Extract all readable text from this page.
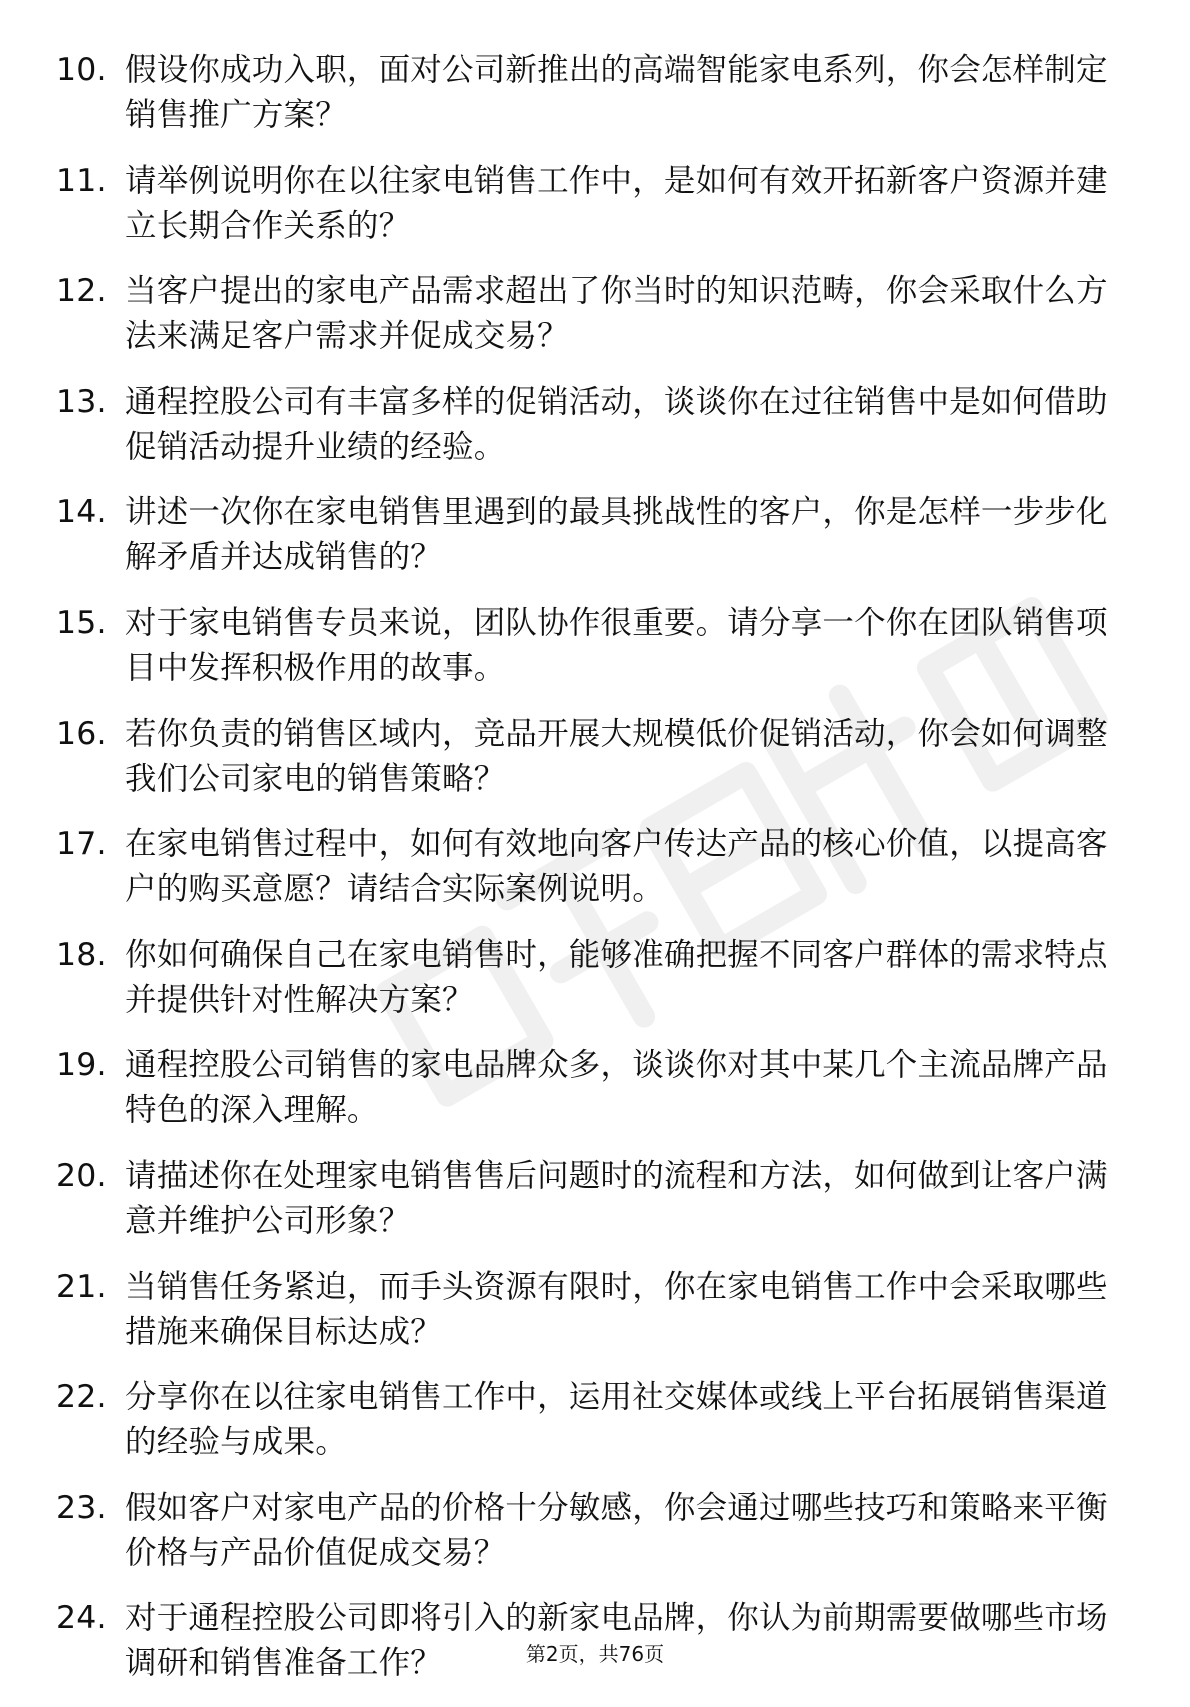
10. 假设你成功入职，面对公司新推出的高端智能家电系列，你会怎样制定销售推广方案？
11. 请举例说明你在以往家电销售工作中，是如何有效开拓新客户资源并建立长期合作关系的？
12. 当客户提出的家电产品需求超出了你当时的知识范畴，你会采取什么方法来满足客户需求并促成交易？
13. 通程控股公司有丰富多样的促销活动，谈谈你在过往销售中是如何借助促销活动提升业绩的经验。
14. 讲述一次你在家电销售里遇到的最具挑战性的客户，你是怎样一步步化解矛盾并达成销售的？
15. 对于家电销售专员来说，团队协作很重要。请分享一个你在团队销售项目中发挥积极作用的故事。
16. 若你负责的销售区域内，竞品开展大规模低价促销活动，你会如何调整我们公司家电的销售策略？
17. 在家电销售过程中，如何有效地向客户传达产品的核心价值，以提高客户的购买意愿？请结合实际案例说明。
18. 你如何确保自己在家电销售时，能够准确把握不同客户群体的需求特点并提供针对性解决方案？
19. 通程控股公司销售的家电品牌众多，谈谈你对其中某几个主流品牌产品特色的深入理解。
20. 请描述你在处理家电销售售后问题时的流程和方法，如何做到让客户满意并维护公司形象？
21. 当销售任务紧迫，而手头资源有限时，你在家电销售工作中会采取哪些措施来确保目标达成？
22. 分享你在以往家电销售工作中，运用社交媒体或线上平台拓展销售渠道的经验与成果。
23. 假如客户对家电产品的价格十分敏感，你会通过哪些技巧和策略来平衡价格与产品价值促成交易？
24. 对于通程控股公司即将引入的新家电品牌，你认为前期需要做哪些市场调研和销售准备工作？	第2页，共76页
